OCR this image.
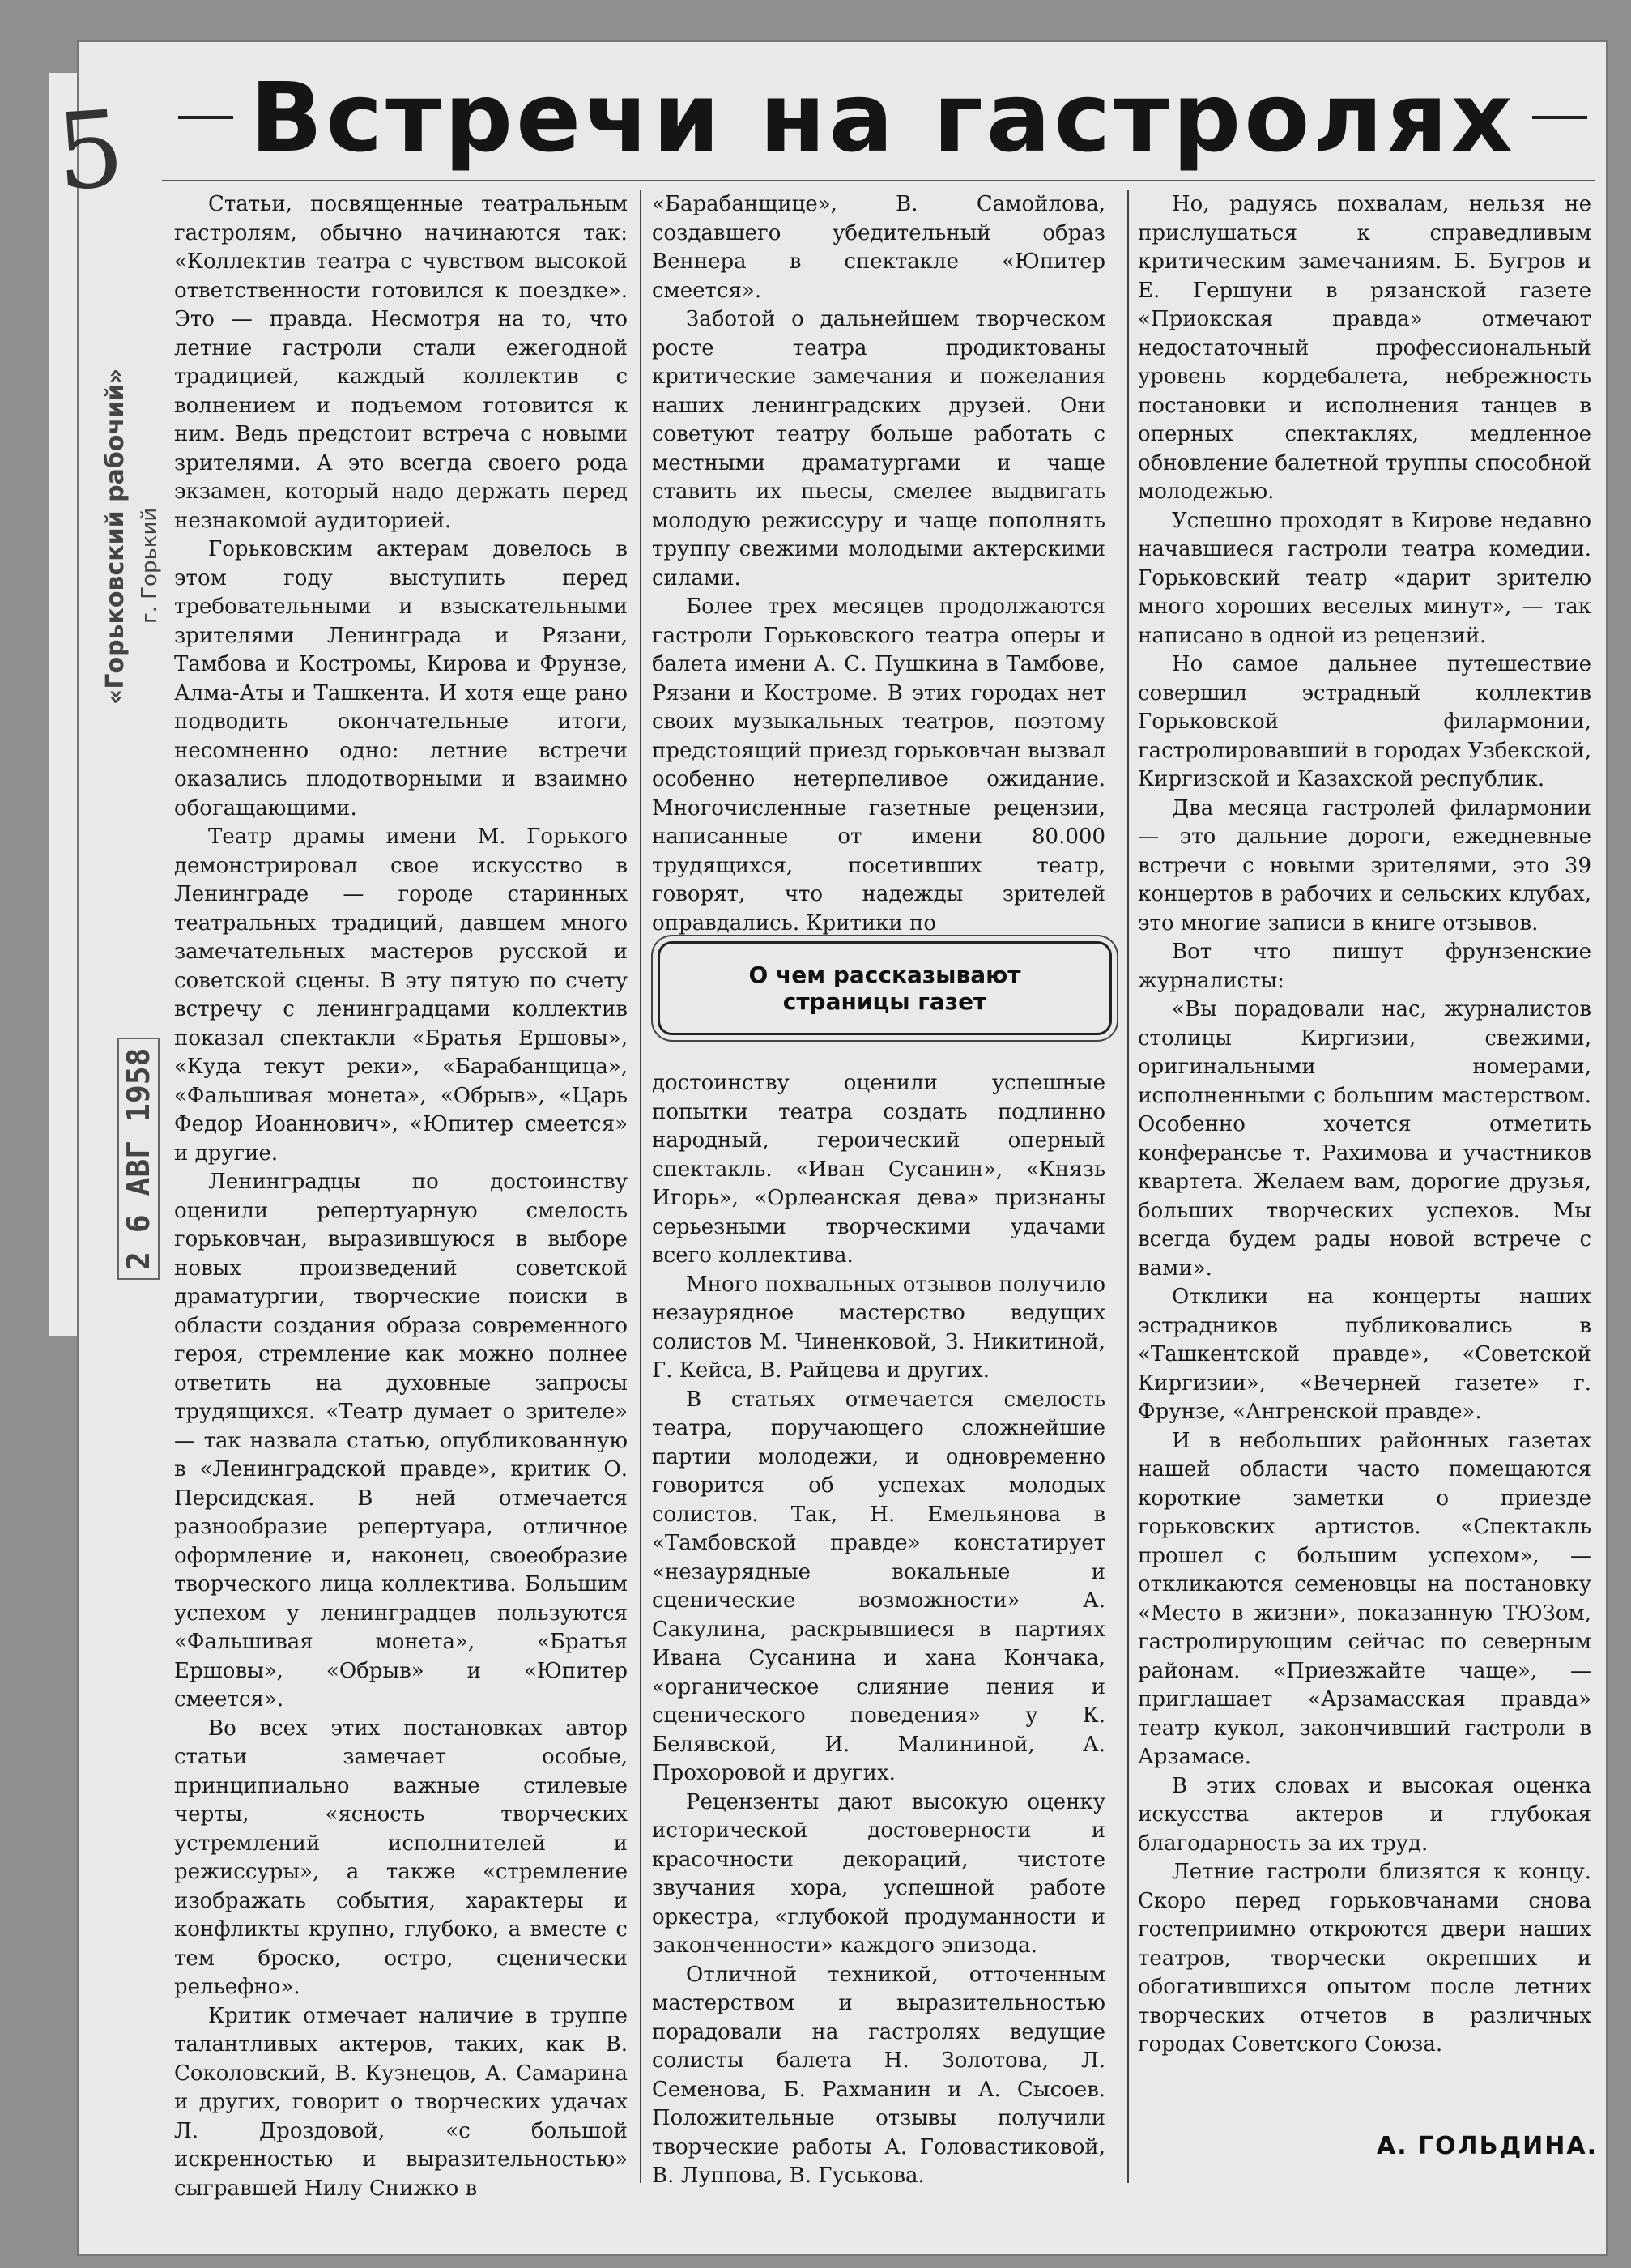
5
«Горьковский рабочий» г. Горький
2 6 АВГ 1958
Встречи на гастролях

Статьи, посвященные театральным гастролям, обычно начинаются так: «Коллектив театра с чувством высокой ответственности готовился к поездке». Это — правда. Несмотря на то, что летние гастроли стали ежегодной традицией, каждый коллектив с волнением и подъемом готовится к ним. Ведь предстоит встреча с новыми зрителями. А это всегда своего рода экзамен, который надо держать перед незнакомой аудиторией.

Горьковским актерам довелось в этом году выступить перед требовательными и взыскательными зрителями Ленинграда и Рязани, Тамбова и Костромы, Кирова и Фрунзе, Алма-Аты и Ташкента. И хотя еще рано подводить окончательные итоги, несомненно одно: летние встречи оказались плодотворными и взаимно обогащающими.

Театр драмы имени М. Горького демонстрировал свое искусство в Ленинграде — городе старинных театральных традиций, давшем много замечательных мастеров русской и советской сцены. В эту пятую по счету встречу с ленинградцами коллектив показал спектакли «Братья Ершовы», «Куда текут реки», «Барабанщица», «Фальшивая монета», «Обрыв», «Царь Федор Иоаннович», «Юпитер смеется» и другие.

Ленинградцы по достоинству оценили репертуарную смелость горьковчан, выразившуюся в выборе новых произведений советской драматургии, творческие поиски в области создания образа современного героя, стремление как можно полнее ответить на духовные запросы трудящихся. «Театр думает о зрителе» — так назвала статью, опубликованную в «Ленинградской правде», критик О. Персидская. В ней отмечается разнообразие репертуара, отличное оформление и, наконец, своеобразие творческого лица коллектива. Большим успехом у ленинградцев пользуются «Фальшивая монета», «Братья Ершовы», «Обрыв» и «Юпитер смеется».

Во всех этих постановках автор статьи замечает особые, принципиально важные стилевые черты, «ясность творческих устремлений исполнителей и режиссуры», а также «стремление изображать события, характеры и конфликты крупно, глубоко, а вместе с тем броско, остро, сценически рельефно».

Критик отмечает наличие в труппе талантливых актеров, таких, как В. Соколовский, В. Кузнецов, А. Самарина и других, говорит о творческих удачах Л. Дроздовой, «с большой искренностью и выразительностью» сыгравшей Нилу Снижко в

«Барабанщице», В. Самойлова, создавшего убедительный образ Веннера в спектакле «Юпитер смеется».

Заботой о дальнейшем творческом росте театра продиктованы критические замечания и пожелания наших ленинградских друзей. Они советуют театру больше работать с местными драматургами и чаще ставить их пьесы, смелее выдвигать молодую режиссуру и чаще пополнять труппу свежими молодыми актерскими силами.

Более трех месяцев продолжаются гастроли Горьковского театра оперы и балета имени А. С. Пушкина в Тамбове, Рязани и Костроме. В этих городах нет своих музыкальных театров, поэтому предстоящий приезд горьковчан вызвал особенно нетерпеливое ожидание. Многочисленные газетные рецензии, написанные от имени 80.000 трудящихся, посетивших театр, говорят, что надежды зрителей оправдались. Критики по

О чем рассказывают
страницы газет

достоинству оценили успешные попытки театра создать подлинно народный, героический оперный спектакль. «Иван Сусанин», «Князь Игорь», «Орлеанская дева» признаны серьезными творческими удачами всего коллектива.

Много похвальных отзывов получило незаурядное мастерство ведущих солистов М. Чиненковой, З. Никитиной, Г. Кейса, В. Райцева и других.

В статьях отмечается смелость театра, поручающего сложнейшие партии молодежи, и одновременно говорится об успехах молодых солистов. Так, Н. Емельянова в «Тамбовской правде» констатирует «незаурядные вокальные и сценические возможности» А. Сакулина, раскрывшиеся в партиях Ивана Сусанина и хана Кончака, «органическое слияние пения и сценического поведения» у К. Белявской, И. Малининой, А. Прохоровой и других.

Рецензенты дают высокую оценку исторической достоверности и красочности декораций, чистоте звучания хора, успешной работе оркестра, «глубокой продуманности и законченности» каждого эпизода.

Отличной техникой, отточенным мастерством и выразительностью порадовали на гастролях ведущие солисты балета Н. Золотова, Л. Семенова, Б. Рахманин и А. Сысоев. Положительные отзывы получили творческие работы А. Головастиковой, В. Луппова, В. Гуськова.

Но, радуясь похвалам, нельзя не прислушаться к справедливым критическим замечаниям. Б. Бугров и Е. Гершуни в рязанской газете «Приокская правда» отмечают недостаточный профессиональный уровень кордебалета, небрежность постановки и исполнения танцев в оперных спектаклях, медленное обновление балетной труппы способной молодежью.

Успешно проходят в Кирове недавно начавшиеся гастроли театра комедии. Горьковский театр «дарит зрителю много хороших веселых минут», — так написано в одной из рецензий.

Но самое дальнее путешествие совершил эстрадный коллектив Горьковской филармонии, гастролировавший в городах Узбекской, Киргизской и Казахской республик.

Два месяца гастролей филармонии — это дальние дороги, ежедневные встречи с новыми зрителями, это 39 концертов в рабочих и сельских клубах, это многие записи в книге отзывов.

Вот что пишут фрунзенские журналисты:

«Вы порадовали нас, журналистов столицы Киргизии, свежими, оригинальными номерами, исполненными с большим мастерством. Особенно хочется отметить конферансье т. Рахимова и участников квартета. Желаем вам, дорогие друзья, больших творческих успехов. Мы всегда будем рады новой встрече с вами».

Отклики на концерты наших эстрадников публиковались в «Ташкентской правде», «Советской Киргизии», «Вечерней газете» г. Фрунзе, «Ангренской правде».

И в небольших районных газетах нашей области часто помещаются короткие заметки о приезде горьковских артистов. «Спектакль прошел с большим успехом», — откликаются семеновцы на постановку «Место в жизни», показанную ТЮЗом, гастролирующим сейчас по северным районам. «Приезжайте чаще», — приглашает «Арзамасская правда» театр кукол, закончивший гастроли в Арзамасе.

В этих словах и высокая оценка искусства актеров и глубокая благодарность за их труд.

Летние гастроли близятся к концу. Скоро перед горьковчанами снова гостеприимно откроются двери наших театров, творчески окрепших и обогатившихся опытом после летних творческих отчетов в различных городах Советского Союза.

А. ГОЛЬДИНА.
